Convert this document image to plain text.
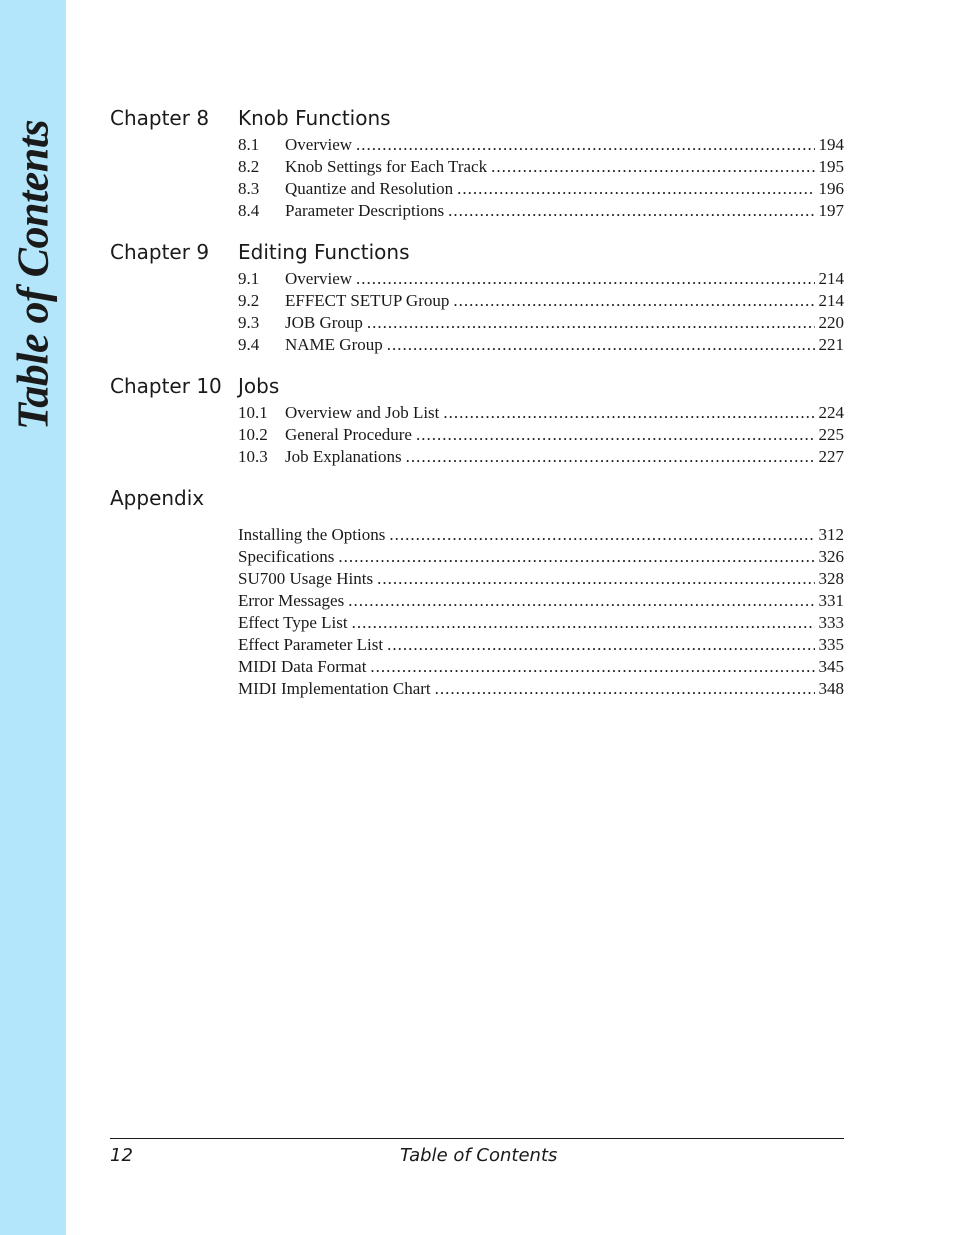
Table of Contents
Chapter 8 Knob Functions
8.1	Overview .....	194
8.2	Knob Settings for Each Track .....	195
8.3	Quantize and Resolution .....	196
8.4	Parameter Descriptions .....	197
Chapter 9 Editing Functions
9.1	Overview .....	214
9.2	EFFECT SETUP Group .....	214
9.3	JOB Group .....	220
9.4	NAME Group .....	221
Chapter 10 Jobs
10.1	Overview and Job List .....	224
10.2	General Procedure .....	225
10.3	Job Explanations .....	227
Appendix
Installing the Options .....	312
Specifications .....	326
SU700 Usage Hints .....	328
Error Messages .....	331
Effect Type List .....	333
Effect Parameter List .....	335
MIDI Data Format .....	345
MIDI Implementation Chart .....	348
12	Table of Contents
